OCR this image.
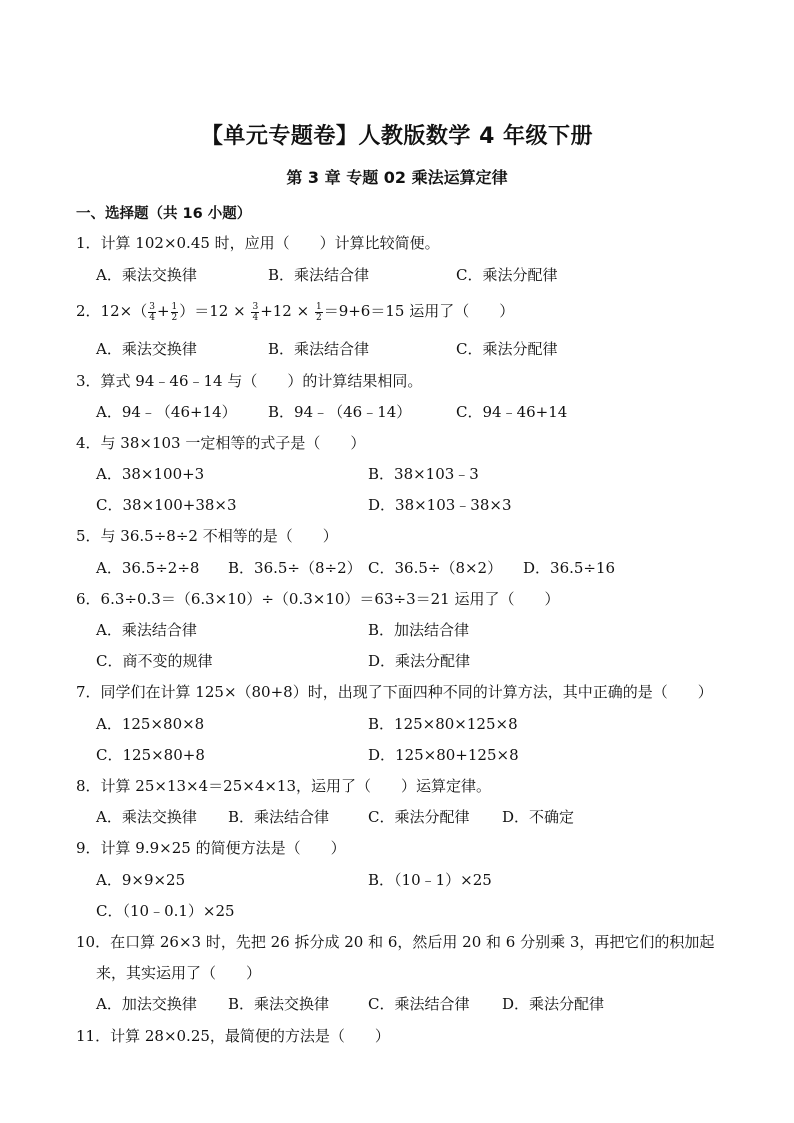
【单元专题卷】人教版数学 4 年级下册
第 3 章 专题 02 乘法运算定律
一、选择题（共 16 小题）
1．计算 102×0.45 时，应用（　　）计算比较简便。
A．乘法交换律	B．乘法结合律	C．乘法分配律
2．$12\times( \frac{3}{4} + \frac{1}{2} )=12 \times \frac{3}{4} +12 \times \frac{1}{2} =9+6=15$ 运用了（　　）
A．乘法交换律	B．乘法结合律	C．乘法分配律
3．算式 94﹣46﹣14 与（　　）的计算结果相同。
A．94﹣（46+14） B．94﹣（46﹣14）	C．94﹣46+14
4．与 38×103 一定相等的式子是（　　）
A．38×100+3	B．38×103﹣3
C．38×100+38×3	D．38×103﹣38×3
5．与 36.5÷8÷2 不相等的是（　　）
A．36.5÷2÷8 B．36.5÷（8÷2） C．36.5÷（8×2） D．36.5÷16
6．6.3÷0.3＝（6.3×10）÷（0.3×10）＝63÷3＝21 运用了（　　）
A．乘法结合律	B．加法结合律
C．商不变的规律	D．乘法分配律
7．同学们在计算 125×（80+8）时，出现了下面四种不同的计算方法，其中正确的是（　　）
A．125×80×8	B．125×80×125×8
C．125×80+8	D．125×80+125×8
8．计算 25×13×4＝25×4×13，运用了（　　）运算定律。
A．乘法交换律 B．乘法结合律	C．乘法分配律 D．不确定
9．计算 9.9×25 的简便方法是（　　）
A．9×9×25	B．（10﹣1）×25
C．（10﹣0.1）×25
10．在口算 26×3 时，先把 26 拆分成 20 和 6，然后用 20 和 6 分别乘 3，再把它们的积加起
来，其实运用了（　　）
A．加法交换律 B．乘法交换律	C．乘法结合律 D．乘法分配律
11．计算 28×0.25，最简便的方法是（　　）
